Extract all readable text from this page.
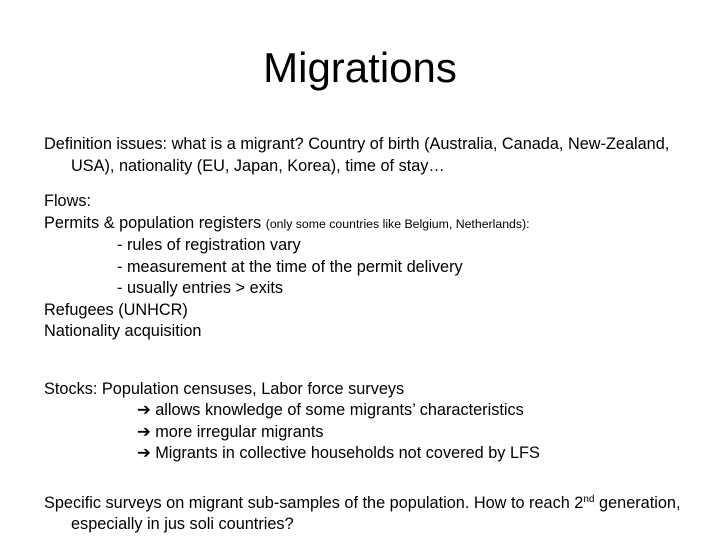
Migrations
Definition issues: what is a migrant? Country of birth (Australia, Canada, New-Zealand, USA), nationality (EU, Japan, Korea), time of stay…
Flows:
Permits & population registers (only some countries like Belgium, Netherlands):
- rules of registration vary
- measurement at the time of the permit delivery
- usually entries > exits
Refugees (UNHCR)
Nationality acquisition
Stocks: Population censuses, Labor force surveys
➔ allows knowledge of some migrants’ characteristics
➔ more irregular migrants
➔ Migrants in collective households not covered by LFS
Specific surveys on migrant sub-samples of the population. How to reach 2nd generation, especially in jus soli countries?
